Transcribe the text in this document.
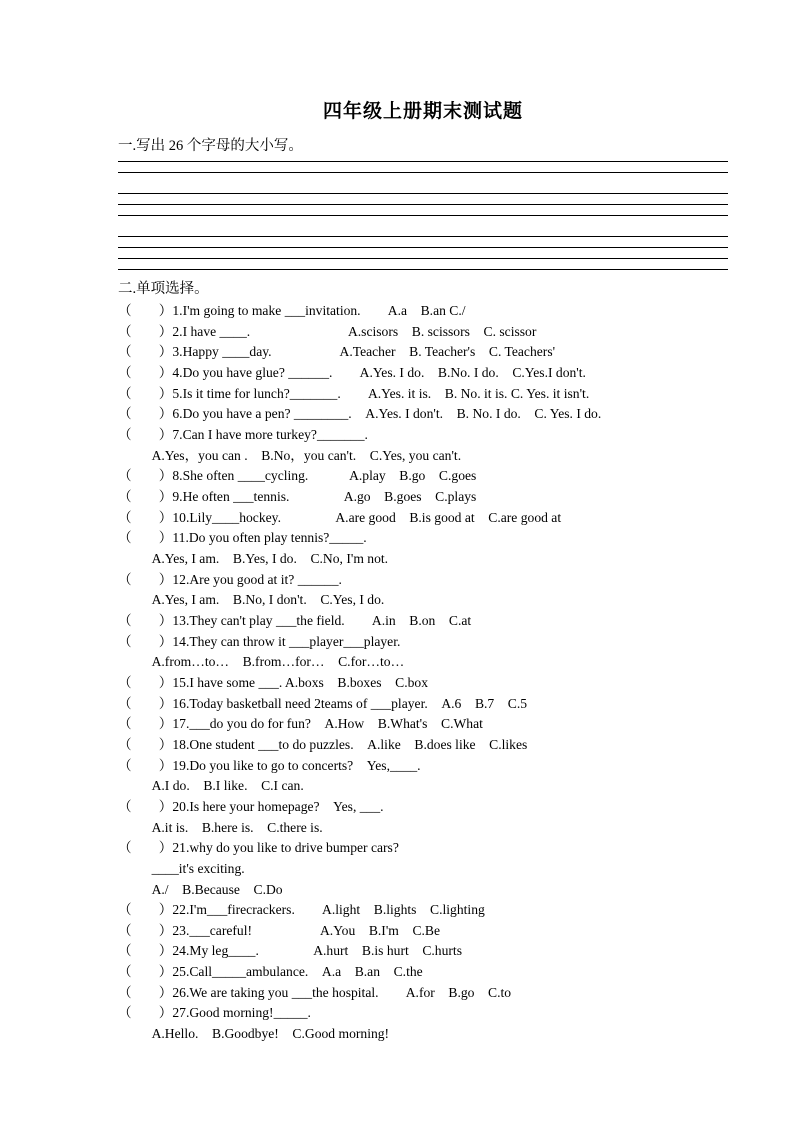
四年级上册期末测试题
一.写出 26 个字母的大小写。
二.单项选择。
（　　）1.I'm going to make ___invitation.　　A.a　B.an C./
（　　）2.I have ____.　　　　　　　 A.scisors　B. scissors　C. scissor
（　　）3.Happy ____day.　　　　　A.Teacher　B. Teacher's　C. Teachers'
（　　）4.Do you have glue? ______.　　A.Yes. I do.　B.No. I do.　C.Yes.I don't.
（　　）5.Is it time for lunch?_______.　　A.Yes. it is.　B. No. it is. C. Yes. it isn't.
（　　）6.Do you have a pen? ________.　A.Yes. I don't.　B. No. I do.　C. Yes. I do.
（　　）7.Can I have more turkey?_______.
　A.Yes，you can .　B.No，you can't.　C.Yes, you can't.
（　　）8.She often ____cycling.　　　A.play　B.go　C.goes
（　　）9.He often ___tennis.　　　　A.go　B.goes　C.plays
（　　）10.Lily____hockey.　　　　A.are good　B.is good at　C.are good at
（　　）11.Do you often play tennis?_____.
　A.Yes, I am.　B.Yes, I do.　C.No, I'm not.
（　　）12.Are you good at it? ______.
　A.Yes, I am.　B.No, I don't.　C.Yes, I do.
（　　）13.They can't play ___the field.　　A.in　B.on　C.at
（　　）14.They can throw it ___player___player.
　A.from…to…　B.from…for…　C.for…to…
（　　）15.I have some ___. A.boxs　B.boxes　C.box
（　　）16.Today basketball need 2teams of ___player.　A.6　B.7　C.5
（　　）17.___do you do for fun?　A.How　B.What's　C.What
（　　）18.One student ___to do puzzles.　A.like　B.does like　C.likes
（　　）19.Do you like to go to concerts?　Yes,____.
　A.I do.　B.I like.　C.I can.
（　　）20.Is here your homepage?　Yes, ___.
　A.it is.　B.here is.　C.there is.
（　　）21.why do you like to drive bumper cars?
　____it's exciting.
　A./　B.Because　C.Do
（　　）22.I'm___firecrackers.　　A.light　B.lights　C.lighting
（　　）23.___careful!　　　　　A.You　B.I'm　C.Be
（　　）24.My leg____.　　　　A.hurt　B.is hurt　C.hurts
（　　）25.Call_____ambulance.　A.a　B.an　C.the
（　　）26.We are taking you ___the hospital.　　A.for　B.go　C.to
（　　）27.Good morning!_____.
　A.Hello.　B.Goodbye!　C.Good morning!
